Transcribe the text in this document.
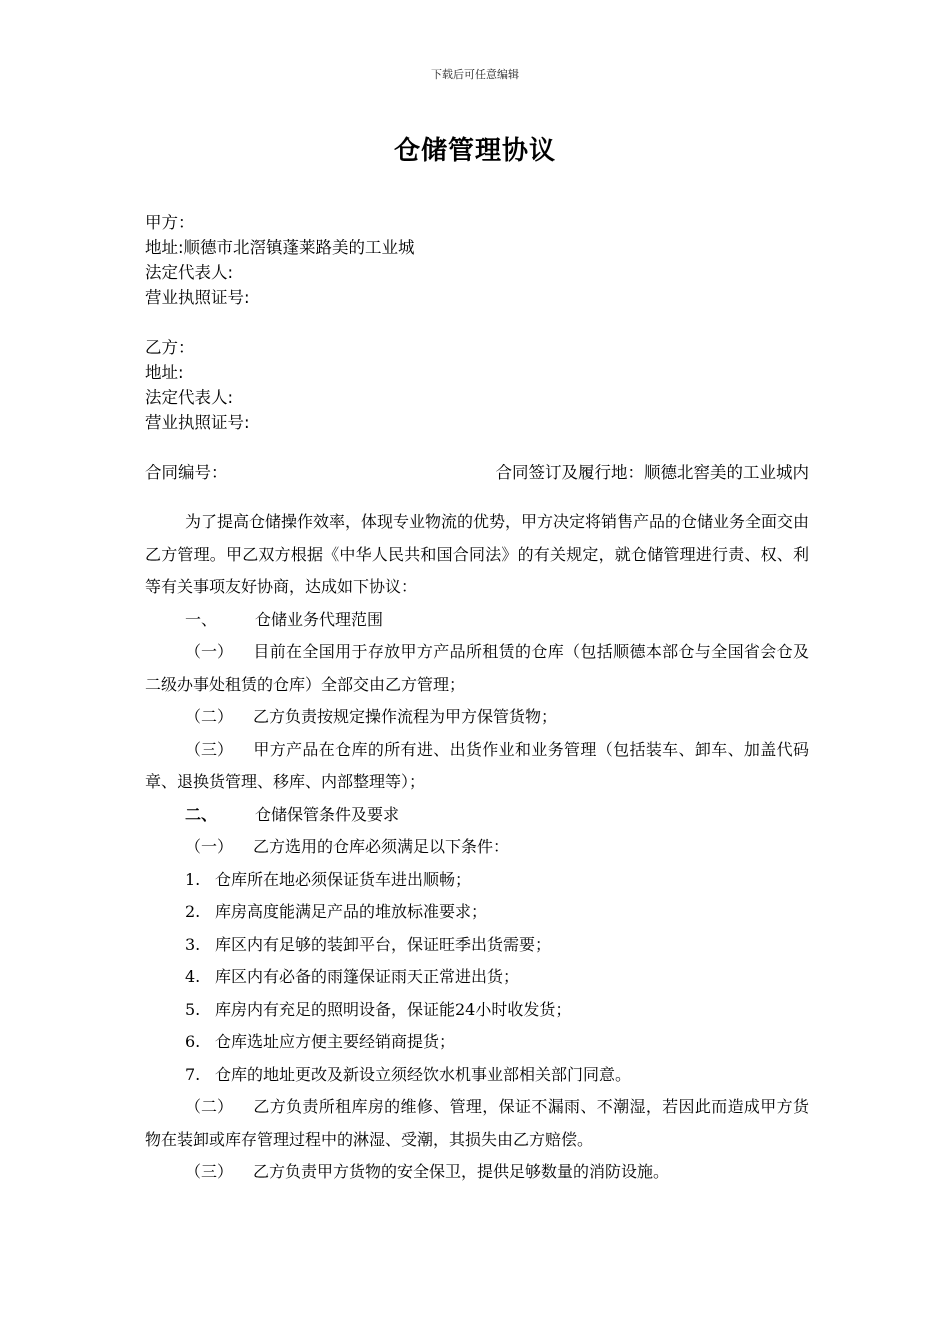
下载后可任意编辑
仓储管理协议
甲方：
地址:顺德市北滘镇蓬莱路美的工业城
法定代表人:
营业执照证号:
乙方：
地址:
法定代表人:
营业执照证号:
合同编号：	合同签订及履行地：顺德北窖美的工业城内

为了提高仓储操作效率，体现专业物流的优势，甲方决定将销售产品的仓储业务全面交由乙方管理。甲乙双方根据《中华人民共和国合同法》的有关规定，就仓储管理进行责、权、利等有关事项友好协商，达成如下协议：

一、 仓储业务代理范围

（一） 目前在全国用于存放甲方产品所租赁的仓库（包括顺德本部仓与全国省会仓及二级办事处租赁的仓库）全部交由乙方管理；

（二） 乙方负责按规定操作流程为甲方保管货物；

（三） 甲方产品在仓库的所有进、出货作业和业务管理（包括装车、卸车、加盖代码章、退换货管理、移库、内部整理等）；

二、 仓储保管条件及要求

（一） 乙方选用的仓库必须满足以下条件：

1. 仓库所在地必须保证货车进出顺畅；

2. 库房高度能满足产品的堆放标准要求；

3. 库区内有足够的装卸平台，保证旺季出货需要；

4. 库区内有必备的雨篷保证雨天正常进出货；

5. 库房内有充足的照明设备，保证能24小时收发货；

6. 仓库选址应方便主要经销商提货；

7. 仓库的地址更改及新设立须经饮水机事业部相关部门同意。

（二） 乙方负责所租库房的维修、管理，保证不漏雨、不潮湿，若因此而造成甲方货物在装卸或库存管理过程中的淋湿、受潮，其损失由乙方赔偿。

（三） 乙方负责甲方货物的安全保卫，提供足够数量的消防设施。
